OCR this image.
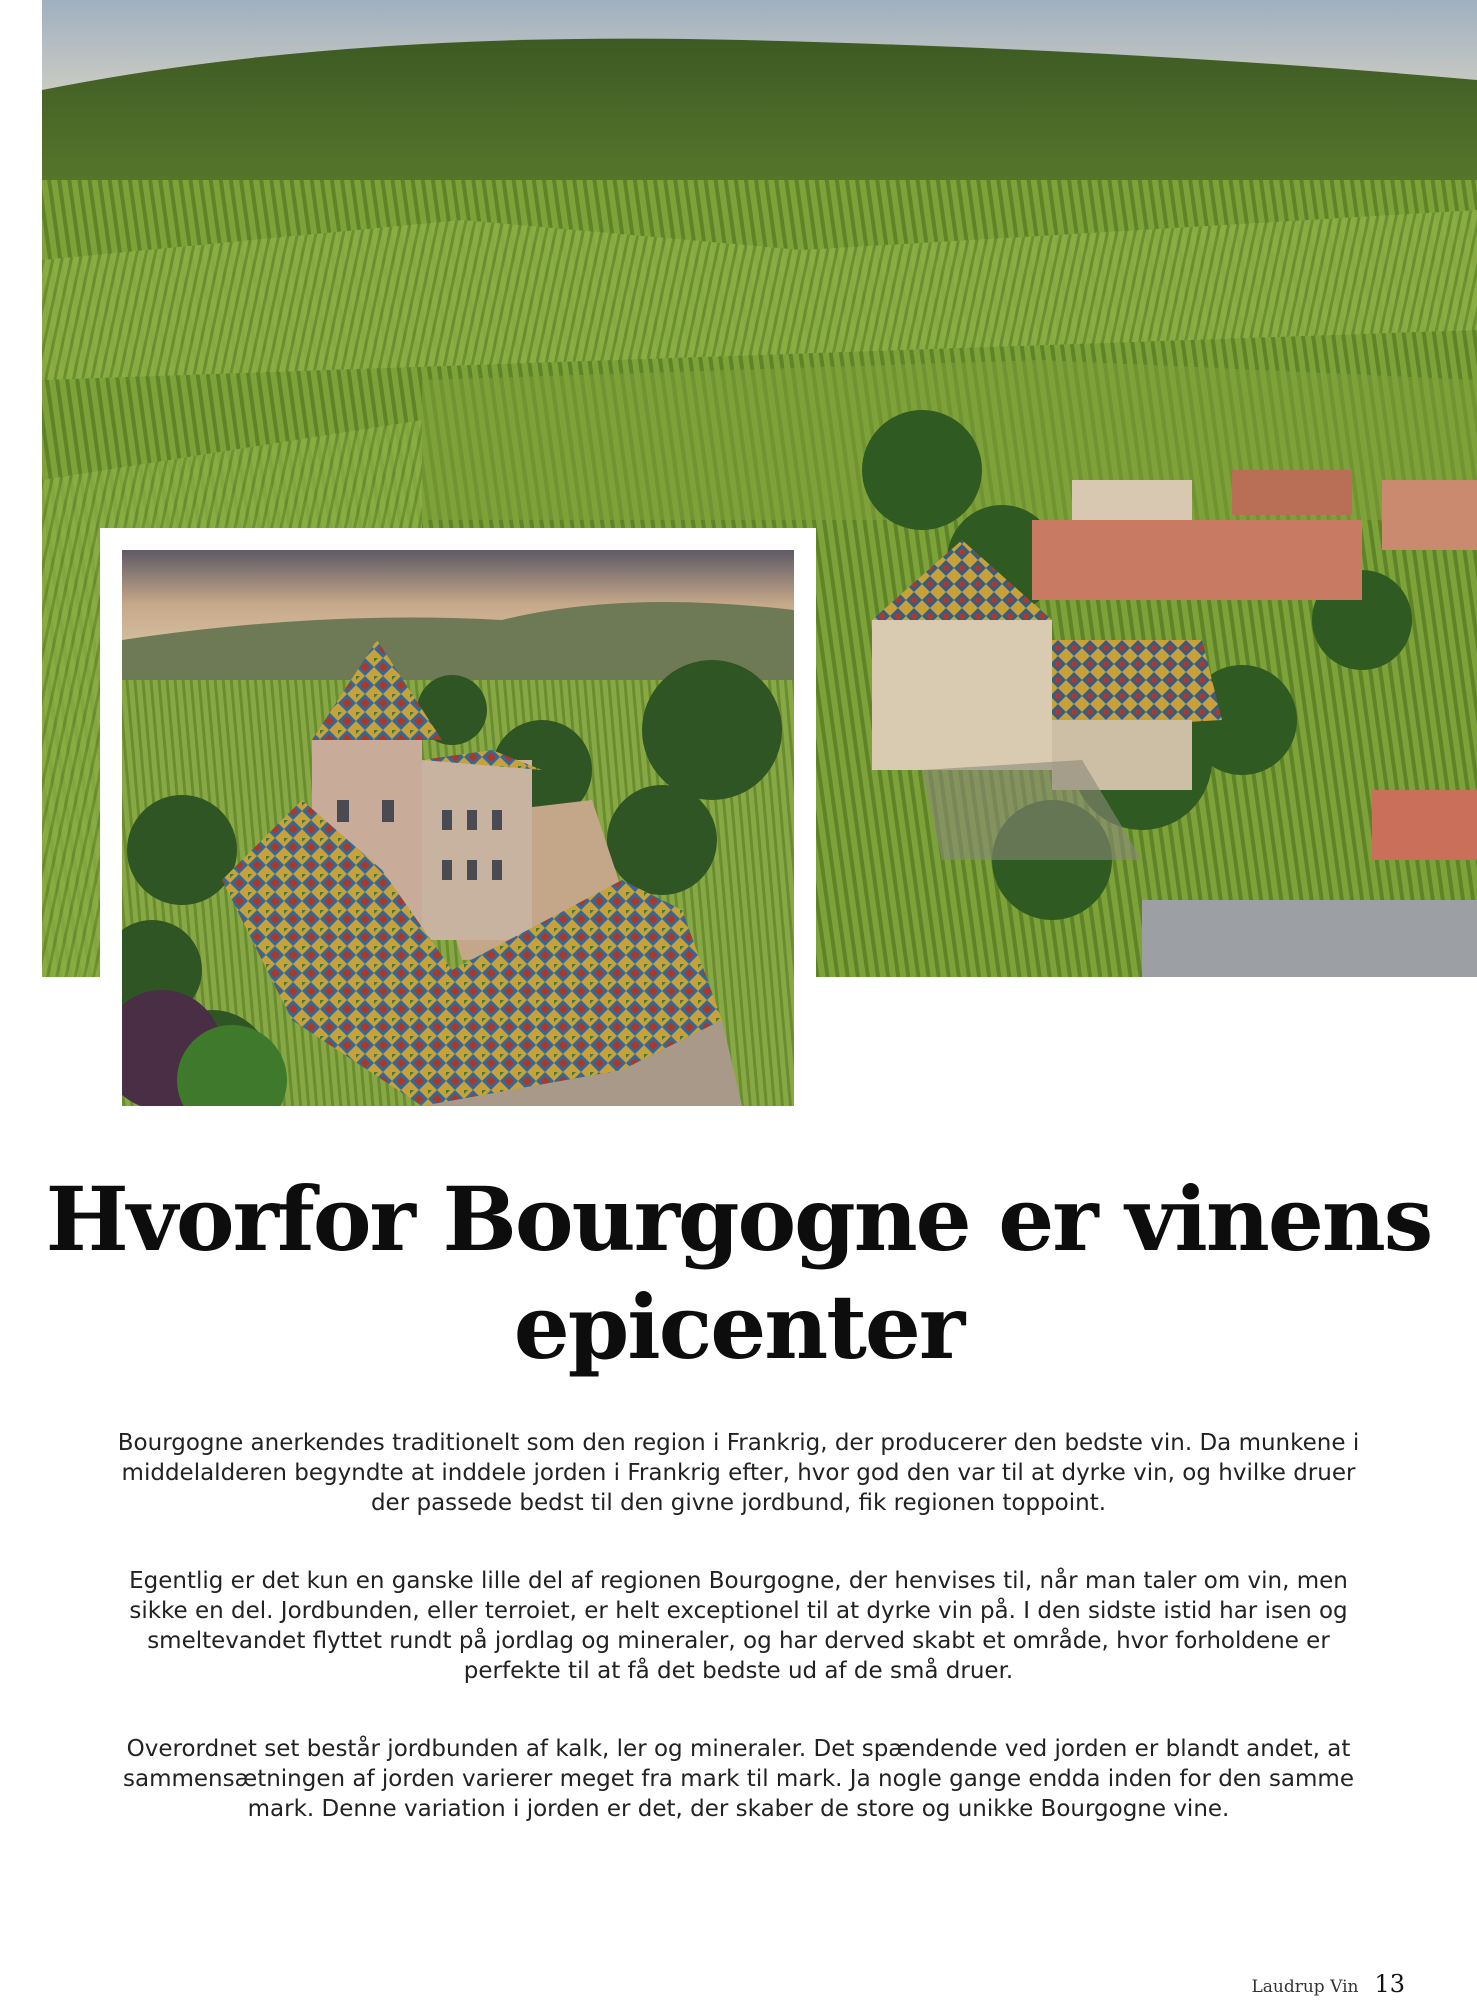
Hvorfor Bourgogne er vinens epicenter

Bourgogne anerkendes traditionelt som den region i Frankrig, der producerer den bedste vin. Da munkene i middelalderen begyndte at inddele jorden i Frankrig efter, hvor god den var til at dyrke vin, og hvilke druer der passede bedst til den givne jordbund, fik regionen toppoint.

Egentlig er det kun en ganske lille del af regionen Bourgogne, der henvises til, når man taler om vin, men sikke en del. Jordbunden, eller terroiet, er helt exceptionel til at dyrke vin på. I den sidste istid har isen og smeltevandet flyttet rundt på jordlag og mineraler, og har derved skabt et område, hvor forholdene er perfekte til at få det bedste ud af de små druer.

Overordnet set består jordbunden af kalk, ler og mineraler. Det spændende ved jorden er blandt andet, at sammensætningen af jorden varierer meget fra mark til mark. Ja nogle gange endda inden for den samme mark. Denne variation i jorden er det, der skaber de store og unikke Bourgogne vine.

Laudrup Vin 13
